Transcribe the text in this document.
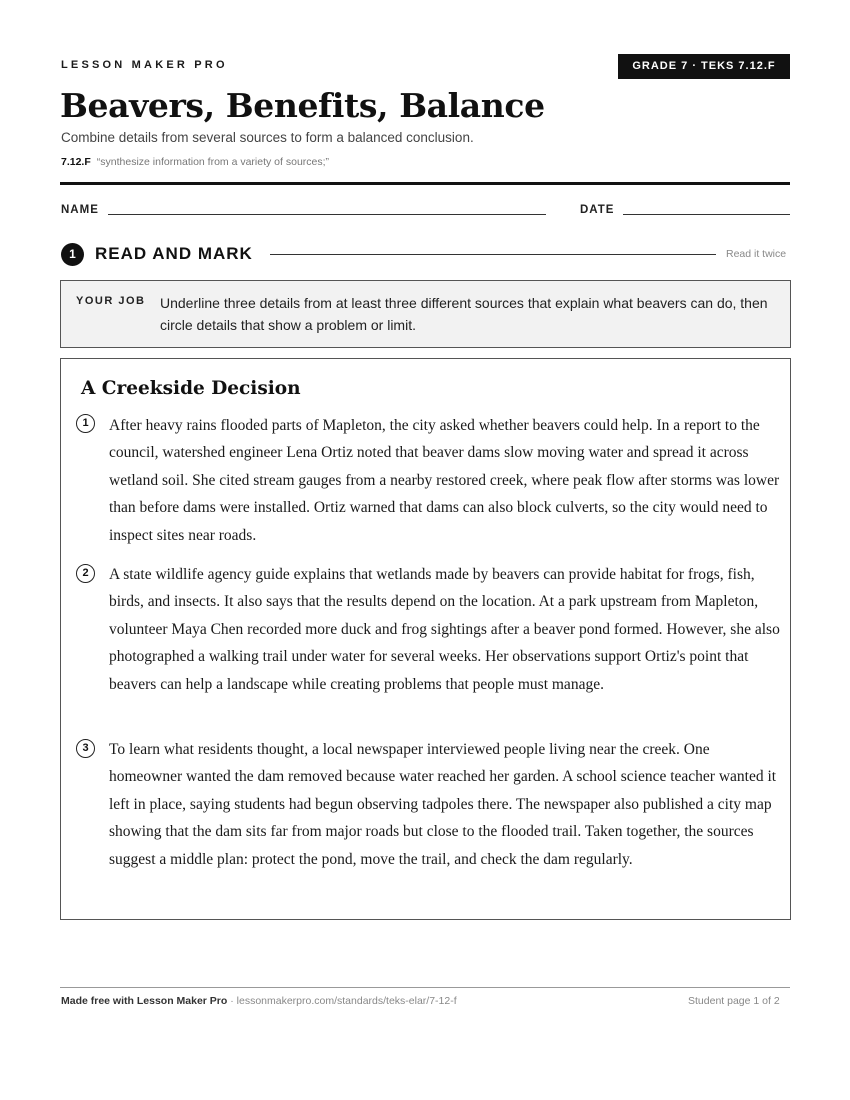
LESSON MAKER PRO	GRADE 7 · TEKS 7.12.F
Beavers, Benefits, Balance
Combine details from several sources to form a balanced conclusion.
7.12.F “synthesize information from a variety of sources;”
NAME	DATE
1	READ AND MARK	Read it twice
YOUR JOB Underline three details from at least three different sources that explain what beavers can do, then circle details that show a problem or limit.
A Creekside Decision
1	After heavy rains flooded parts of Mapleton, the city asked whether beavers could help. In a report to the council, watershed engineer Lena Ortiz noted that beaver dams slow moving water and spread it across wetland soil. She cited stream gauges from a nearby restored creek, where peak flow after storms was lower than before dams were installed. Ortiz warned that dams can also block culverts, so the city would need to inspect sites near roads.

2	A state wildlife agency guide explains that wetlands made by beavers can provide habitat for frogs, fish, birds, and insects. It also says that the results depend on the location. At a park upstream from Mapleton, volunteer Maya Chen recorded more duck and frog sightings after a beaver pond formed. However, she also photographed a walking trail under water for several weeks. Her observations support Ortiz's point that beavers can help a landscape while creating problems that people must manage.

3	To learn what residents thought, a local newspaper interviewed people living near the creek. One homeowner wanted the dam removed because water reached her garden. A school science teacher wanted it left in place, saying students had begun observing tadpoles there. The newspaper also published a city map showing that the dam sits far from major roads but close to the flooded trail. Taken together, the sources suggest a middle plan: protect the pond, move the trail, and check the dam regularly.

Made free with Lesson Maker Pro · lessonmakerpro.com/standards/teks-elar/7-12-f	Student page 1 of 2
